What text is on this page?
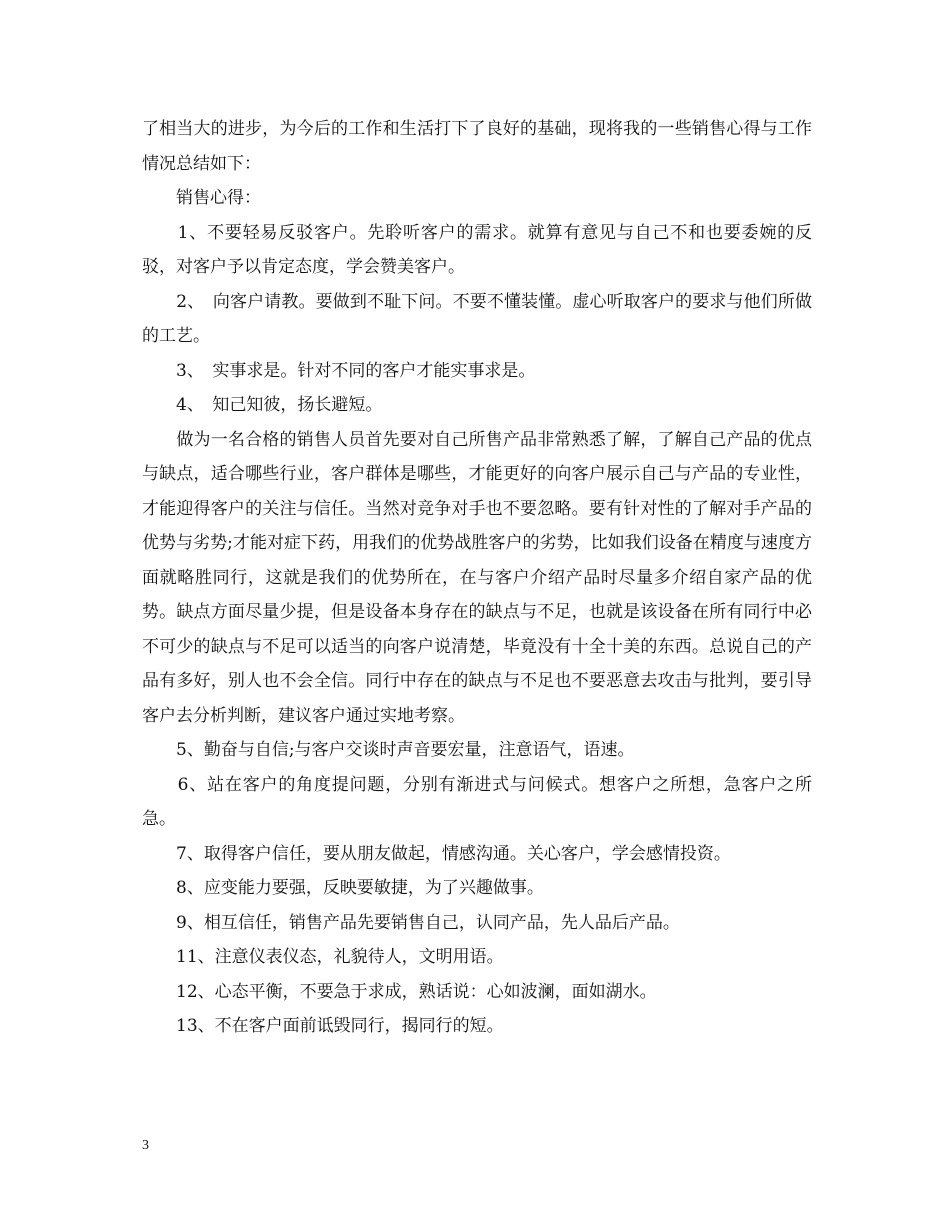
了相当大的进步，为今后的工作和生活打下了良好的基础，现将我的一些销售心得与工作情况总结如下：

　　销售心得：

　　1、不要轻易反驳客户。先聆听客户的需求。就算有意见与自己不和也要委婉的反驳，对客户予以肯定态度，学会赞美客户。

　　2、　向客户请教。要做到不耻下问。不要不懂装懂。虚心听取客户的要求与他们所做的工艺。

　　3、　实事求是。针对不同的客户才能实事求是。

　　4、　知己知彼，扬长避短。

　　做为一名合格的销售人员首先要对自己所售产品非常熟悉了解，了解自己产品的优点与缺点，适合哪些行业，客户群体是哪些，才能更好的向客户展示自己与产品的专业性，才能迎得客户的关注与信任。当然对竞争对手也不要忽略。要有针对性的了解对手产品的优势与劣势;才能对症下药，用我们的优势战胜客户的劣势，比如我们设备在精度与速度方面就略胜同行，这就是我们的优势所在，在与客户介绍产品时尽量多介绍自家产品的优势。缺点方面尽量少提，但是设备本身存在的缺点与不足，也就是该设备在所有同行中必不可少的缺点与不足可以适当的向客户说清楚，毕竟没有十全十美的东西。总说自己的产品有多好，别人也不会全信。同行中存在的缺点与不足也不要恶意去攻击与批判，要引导客户去分析判断，建议客户通过实地考察。

　　5、勤奋与自信;与客户交谈时声音要宏量，注意语气，语速。

　　6、站在客户的角度提问题，分别有渐进式与问候式。想客户之所想，急客户之所急。

　　7、取得客户信任，要从朋友做起，情感沟通。关心客户，学会感情投资。

　　8、应变能力要强，反映要敏捷，为了兴趣做事。

　　9、相互信任，销售产品先要销售自己，认同产品，先人品后产品。

　　11、注意仪表仪态，礼貌待人，文明用语。

　　12、心态平衡，不要急于求成，熟话说：心如波澜，面如湖水。

　　13、不在客户面前诋毁同行，揭同行的短。

3
